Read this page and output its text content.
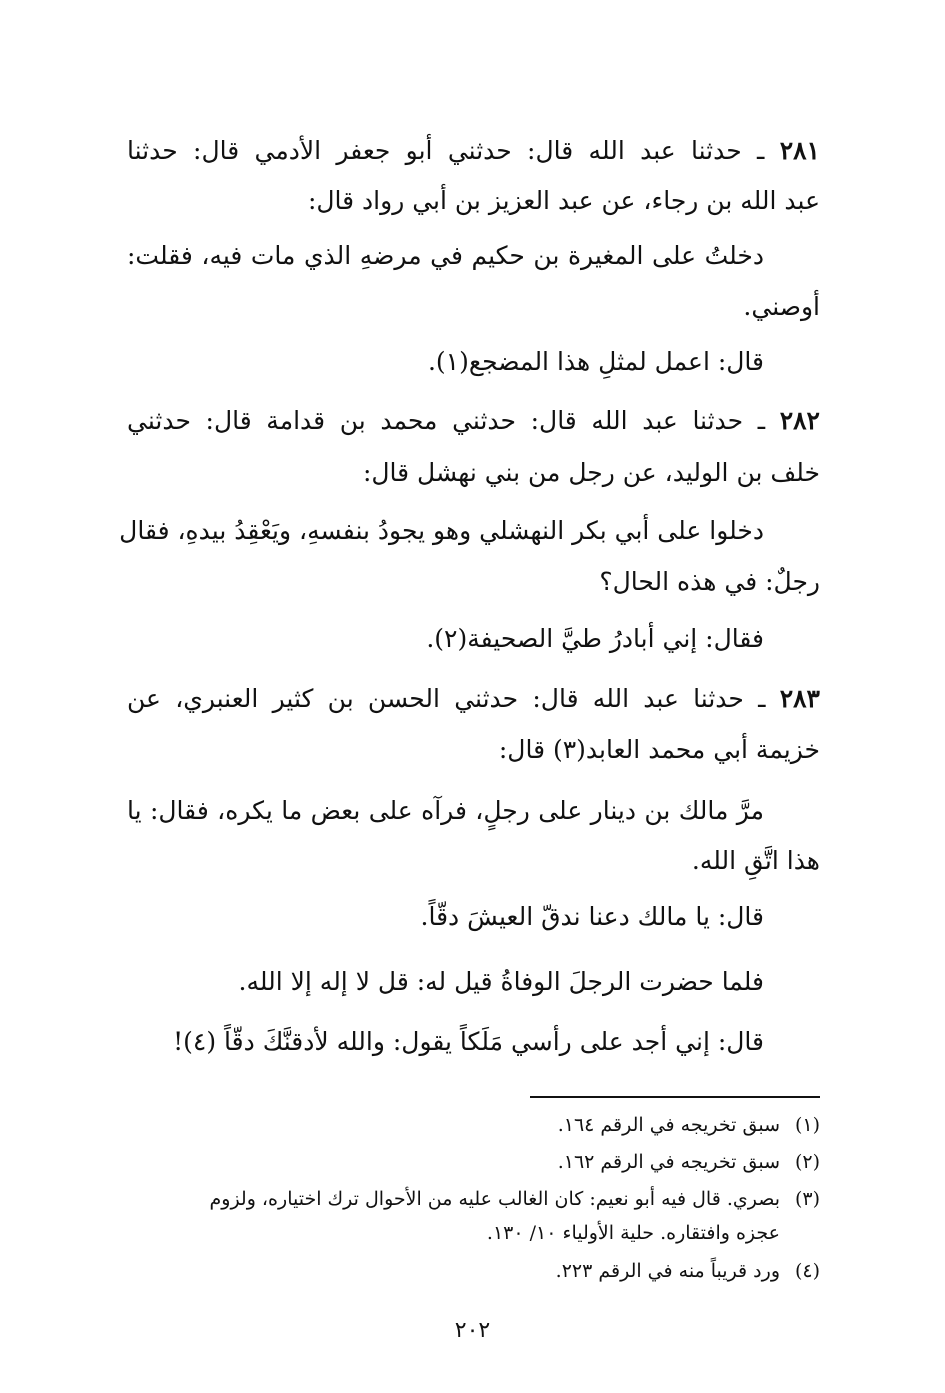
٢٨١ ـ حدثنا عبد الله قال: حدثني أبو جعفر الأدمي قال: حدثنا
عبد الله بن رجاء، عن عبد العزيز بن أبي رواد قال:
دخلتُ على المغيرة بن حكيم في مرضهِ الذي مات فيه، فقلت:
أوصني.
قال: اعمل لمثلِ هذا المضجع(١).
٢٨٢ ـ حدثنا عبد الله قال: حدثني محمد بن قدامة قال: حدثني
خلف بن الوليد، عن رجل من بني نهشل قال:
دخلوا على أبي بكر النهشلي وهو يجودُ بنفسهِ، ويَعْقِدُ بيدهِ، فقال
رجلٌ: في هذه الحال؟
فقال: إني أبادرُ طيَّ الصحيفة(٢).
٢٨٣ ـ حدثنا عبد الله قال: حدثني الحسن بن كثير العنبري، عن
خزيمة أبي محمد العابد(٣) قال:
مرَّ مالك بن دينار على رجلٍ، فرآه على بعض ما يكره، فقال: يا
هذا اتَّقِ الله.
قال: يا مالك دعنا ندقّ العيشَ دقّاً.
فلما حضرت الرجلَ الوفاةُ قيل له: قل لا إله إلا الله.
قال: إني أجد على رأسي مَلَكاً يقول: والله لأدقنَّكَ دقّاً (٤)!
(١)سبق تخريجه في الرقم ١٦٤.
(٢)سبق تخريجه في الرقم ١٦٢.
(٣)بصري. قال فيه أبو نعيم: كان الغالب عليه من الأحوال ترك اختياره، ولزوم
عجزه وافتقاره. حلية الأولياء ١٠/ ١٣٠.
(٤)ورد قريباً منه في الرقم ٢٢٣.
٢٠٢
